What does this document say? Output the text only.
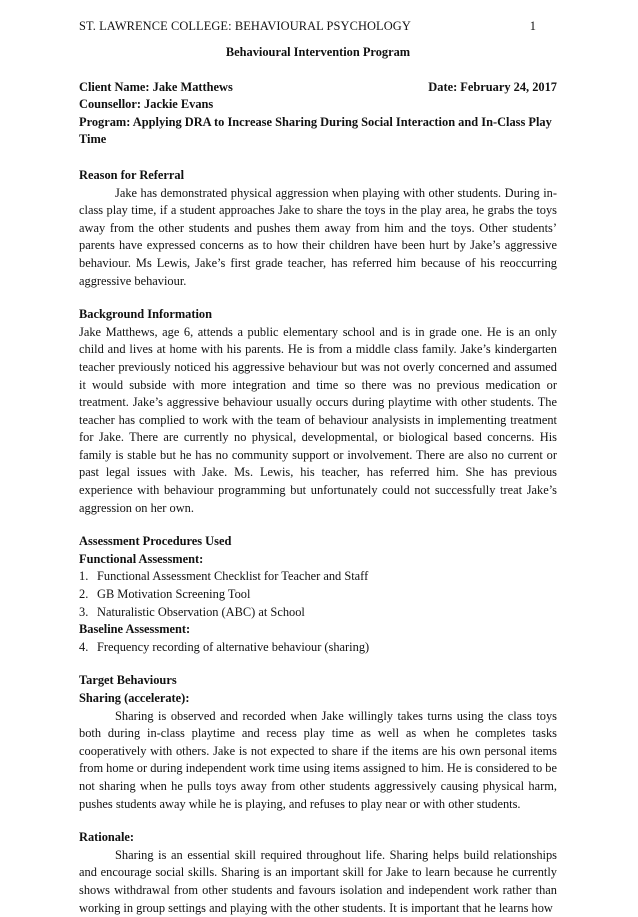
ST. LAWRENCE COLLEGE: BEHAVIOURAL PSYCHOLOGY	1
Behavioural Intervention Program
Client Name: Jake Matthews	Date: February 24, 2017
Counsellor: Jackie Evans
Program: Applying DRA to Increase Sharing During Social Interaction and In-Class Play Time
Reason for Referral

Jake has demonstrated physical aggression when playing with other students. During in-class play time, if a student approaches Jake to share the toys in the play area, he grabs the toys away from the other students and pushes them away from him and the toys. Other students’ parents have expressed concerns as to how their children have been hurt by Jake’s aggressive behaviour. Ms Lewis, Jake’s first grade teacher, has referred him because of his reoccurring aggressive behaviour.

Background Information

Jake Matthews, age 6, attends a public elementary school and is in grade one. He is an only child and lives at home with his parents. He is from a middle class family. Jake’s kindergarten teacher previously noticed his aggressive behaviour but was not overly concerned and assumed it would subside with more integration and time so there was no previous medication or treatment. Jake’s aggressive behaviour usually occurs during playtime with other students. The teacher has complied to work with the team of behaviour analysists in implementing treatment for Jake. There are currently no physical, developmental, or biological based concerns. His family is stable but he has no community support or involvement. There are also no current or past legal issues with Jake. Ms. Lewis, his teacher, has referred him. She has previous experience with behaviour programming but unfortunately could not successfully treat Jake’s aggression on her own.

Assessment Procedures Used
Functional Assessment:
1. Functional Assessment Checklist for Teacher and Staff
2. GB Motivation Screening Tool
3. Naturalistic Observation (ABC) at School
Baseline Assessment:
4. Frequency recording of alternative behaviour (sharing)
Target Behaviours
Sharing (accelerate):

Sharing is observed and recorded when Jake willingly takes turns using the class toys both during in-class playtime and recess play time as well as when he completes tasks cooperatively with others. Jake is not expected to share if the items are his own personal items from home or during independent work time using items assigned to him. He is considered to be not sharing when he pulls toys away from other students aggressively causing physical harm, pushes students away while he is playing, and refuses to play near or with other students.

Rationale:

Sharing is an essential skill required throughout life. Sharing helps build relationships and encourage social skills. Sharing is an important skill for Jake to learn because he currently shows withdrawal from other students and favours isolation and independent work rather than working in group settings and playing with the other students. It is important that he learns how
